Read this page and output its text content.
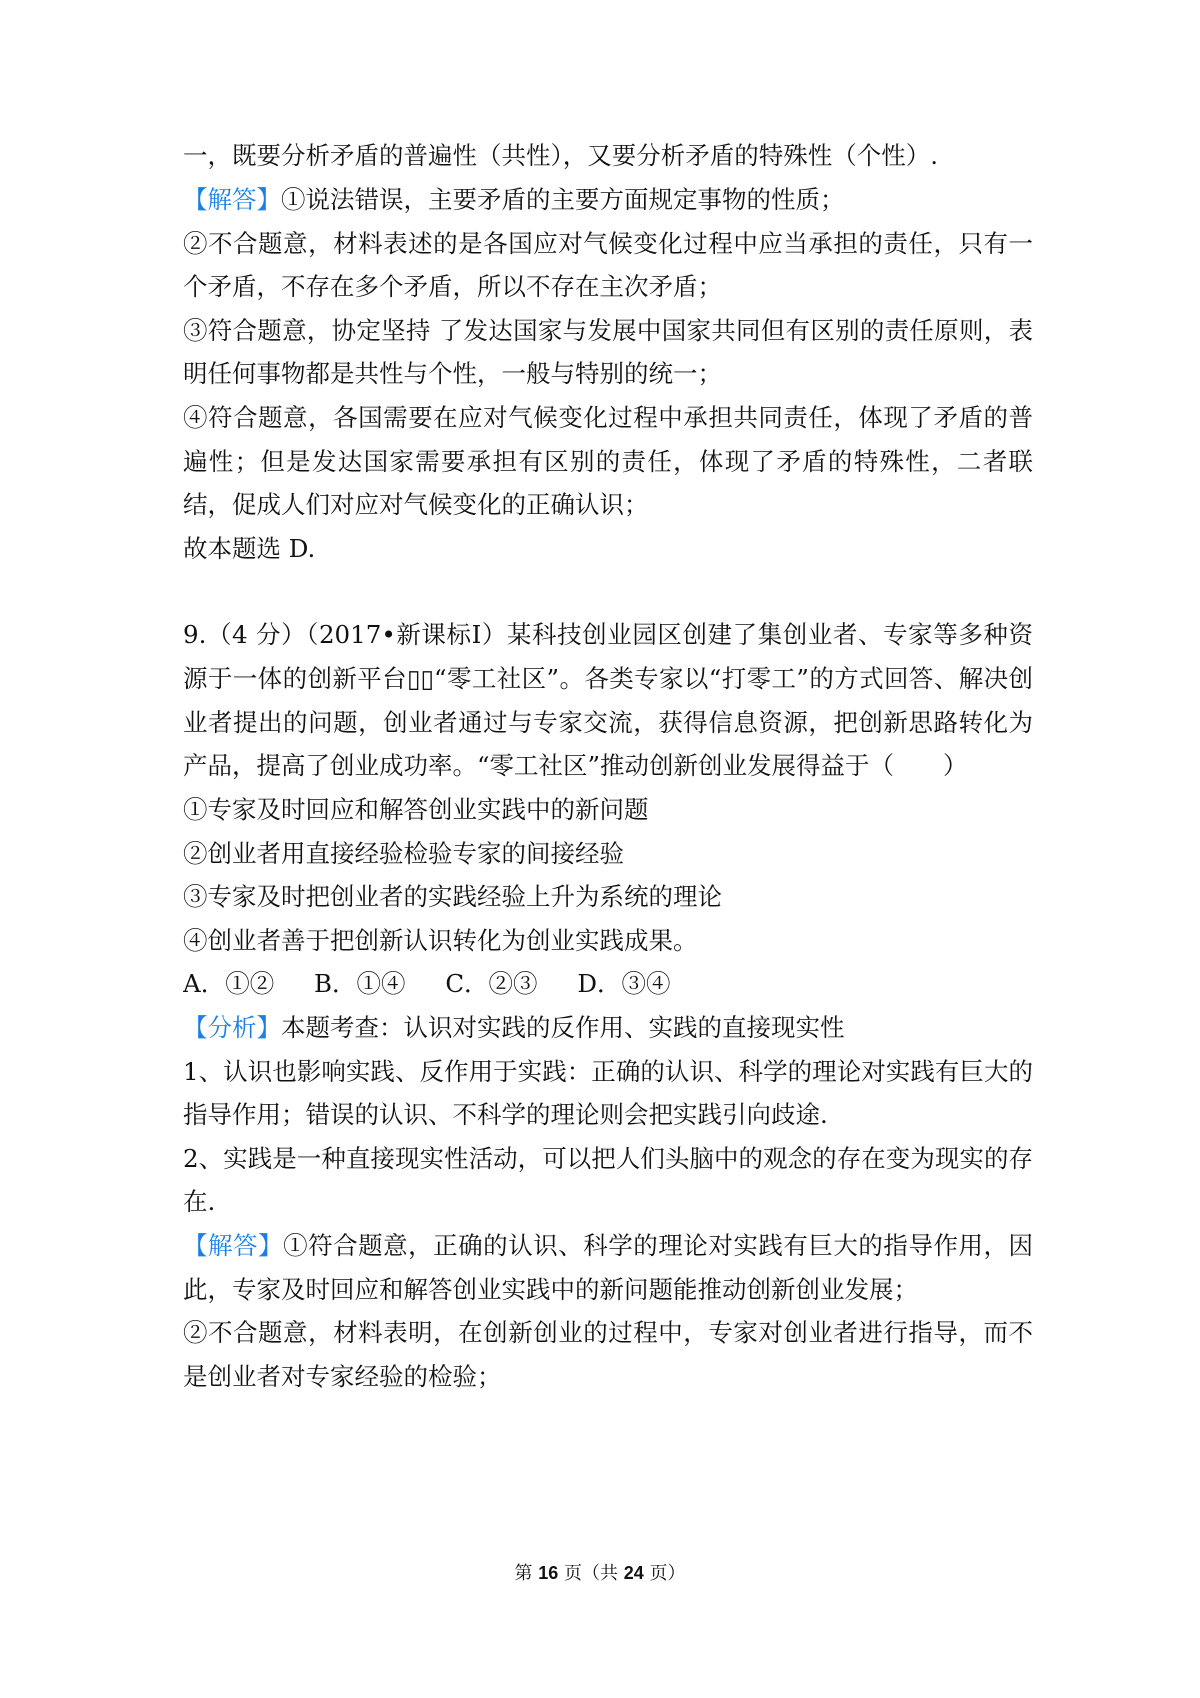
一，既要分析矛盾的普遍性（共性），又要分析矛盾的特殊性（个性）.
【解答】①说法错误，主要矛盾的主要方面规定事物的性质；
②不合题意，材料表述的是各国应对气候变化过程中应当承担的责任，只有一
个矛盾，不存在多个矛盾，所以不存在主次矛盾；
③符合题意，协定坚持 了发达国家与发展中国家共同但有区别的责任原则，表
明任何事物都是共性与个性，一般与特别的统一；
④符合题意，各国需要在应对气候变化过程中承担共同责任，体现了矛盾的普
遍性；但是发达国家需要承担有区别的责任，体现了矛盾的特殊性，二者联
结，促成人们对应对气候变化的正确认识；
故本题选 D.
9.（4 分）（2017•新课标Ⅰ）某科技创业园区创建了集创业者、专家等多种资
源于一体的创新平台▯▯“零工社区”。各类专家以“打零工”的方式回答、解决创
业者提出的问题，创业者通过与专家交流，获得信息资源，把创新思路转化为
产品，提高了创业成功率。“零工社区”推动创新创业发展得益于（　　）
①专家及时回应和解答创业实践中的新问题
②创业者用直接经验检验专家的间接经验
③专家及时把创业者的实践经验上升为系统的理论
④创业者善于把创新认识转化为创业实践成果。
A．①② B．①④ C．②③ D．③④
【分析】本题考查：认识对实践的反作用、实践的直接现实性
1、认识也影响实践、反作用于实践：正确的认识、科学的理论对实践有巨大的
指导作用；错误的认识、不科学的理论则会把实践引向歧途.
2、实践是一种直接现实性活动，可以把人们头脑中的观念的存在变为现实的存
在.
【解答】①符合题意，正确的认识、科学的理论对实践有巨大的指导作用，因
此，专家及时回应和解答创业实践中的新问题能推动创新创业发展；
②不合题意，材料表明，在创新创业的过程中，专家对创业者进行指导，而不
是创业者对专家经验的检验；
第 16 页（共 24 页）
